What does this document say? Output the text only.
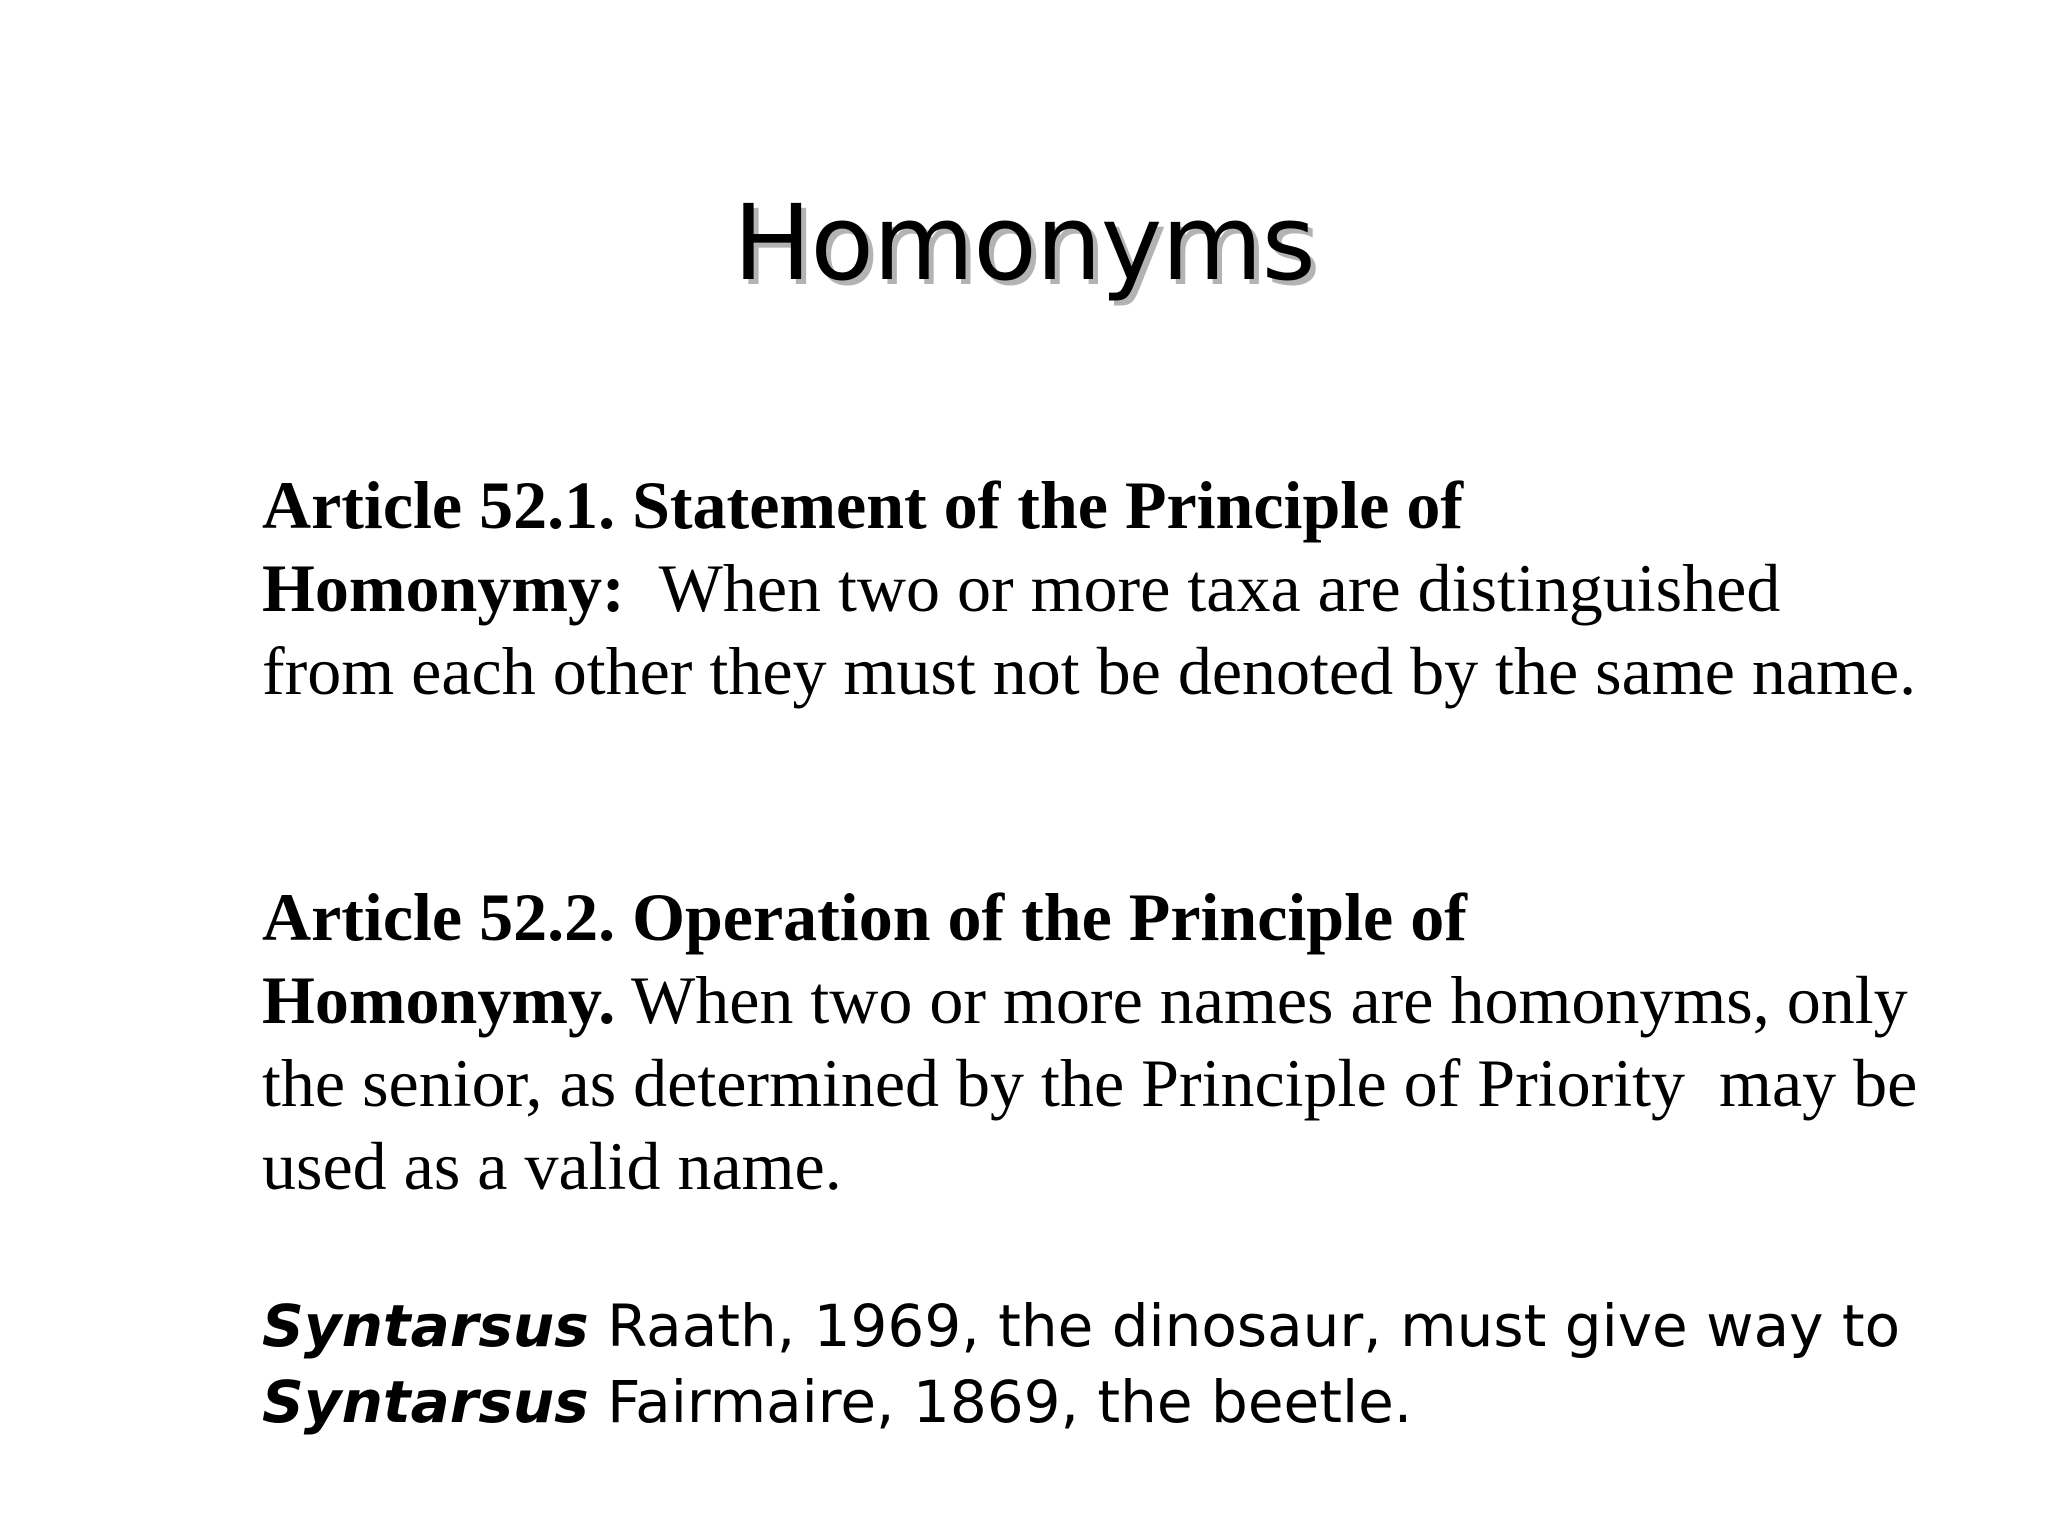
Homonyms

Article 52.1. Statement of the Principle of
Homonymy: When two or more taxa are distinguished from each other they must not be denoted by the same name.

Article 52.2. Operation of the Principle of
Homonymy. When two or more names are homonyms, only the senior, as determined by the Principle of Priority  may be used as a valid name.

Syntarsus Raath, 1969, the dinosaur, must give way to Syntarsus Fairmaire, 1869, the beetle.
